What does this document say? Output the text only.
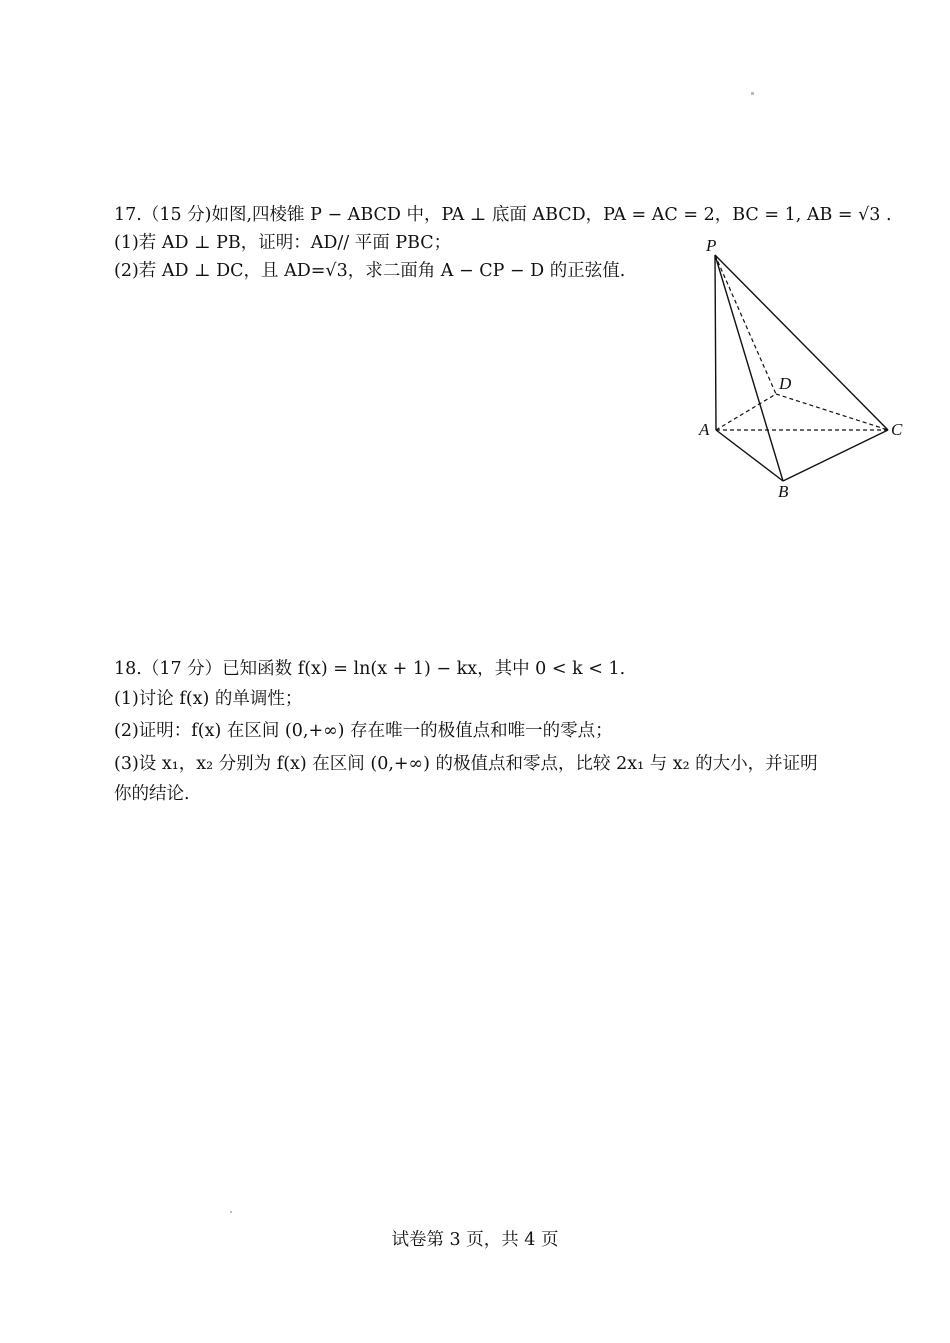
17.（15 分)如图,四棱锥 P − ABCD 中，PA ⊥ 底面 ABCD，PA = AC = 2，BC = 1, AB = √3 .
(1)若 AD ⊥ PB，证明：AD// 平面 PBC；
(2)若 AD ⊥ DC，且 AD=√3，求二面角 A − CP − D 的正弦值.
P
D
A	C
B
18.（17 分）已知函数 f(x) = ln(x + 1) − kx，其中 0 < k < 1.
(1)讨论 f(x) 的单调性；
(2)证明：f(x) 在区间 (0,+∞) 存在唯一的极值点和唯一的零点；
(3)设 x₁，x₂ 分别为 f(x) 在区间 (0,+∞) 的极值点和零点，比较 2x₁ 与 x₂ 的大小，并证明
你的结论.
试卷第 3 页，共 4 页
